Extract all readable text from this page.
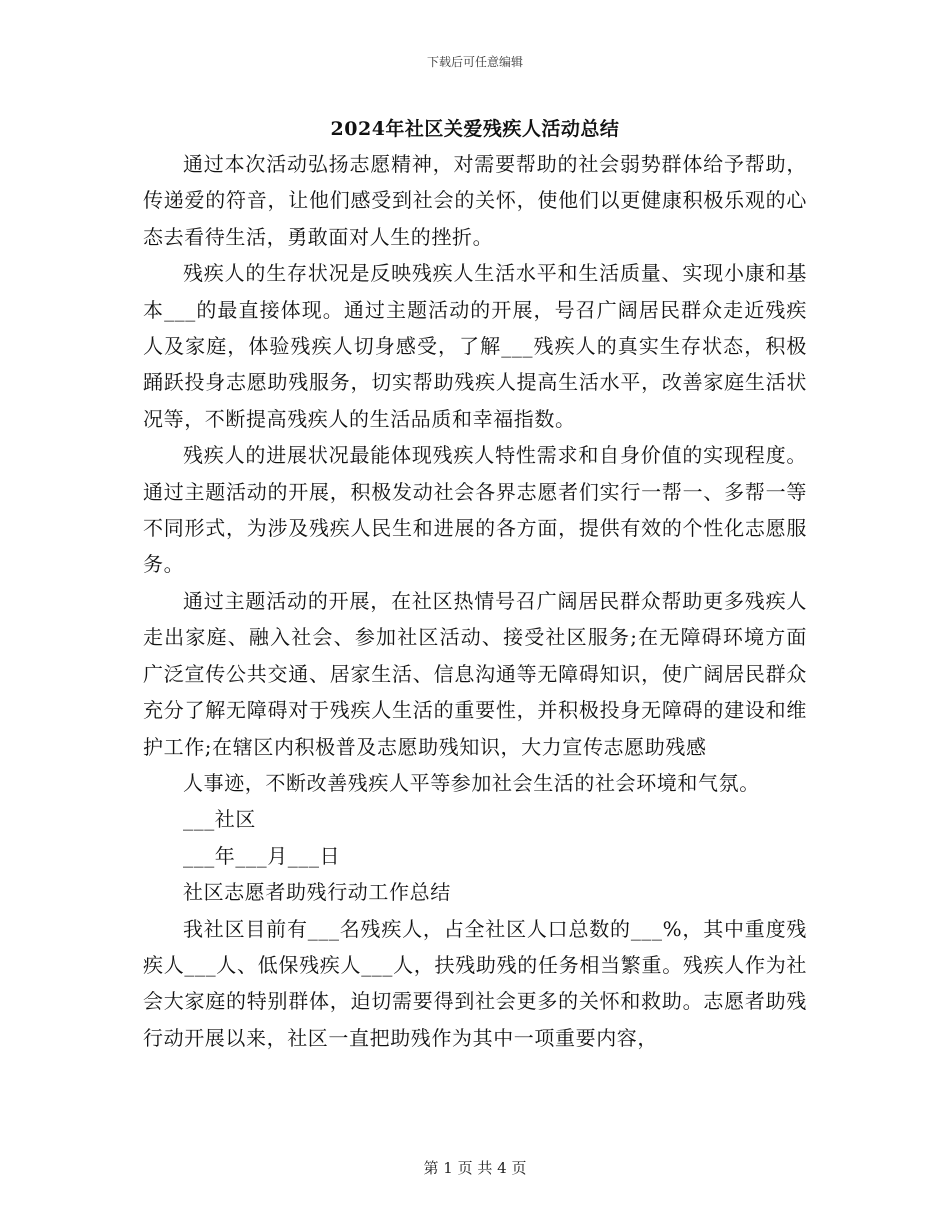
下载后可任意编辑
2024年社区关爱残疾人活动总结

通过本次活动弘扬志愿精神，对需要帮助的社会弱势群体给予帮助，传递爱的符音，让他们感受到社会的关怀，使他们以更健康积极乐观的心态去看待生活，勇敢面对人生的挫折。

残疾人的生存状况是反映残疾人生活水平和生活质量、实现小康和基本___的最直接体现。通过主题活动的开展，号召广阔居民群众走近残疾人及家庭，体验残疾人切身感受，了解___残疾人的真实生存状态，积极踊跃投身志愿助残服务，切实帮助残疾人提高生活水平，改善家庭生活状况等，不断提高残疾人的生活品质和幸福指数。

残疾人的进展状况最能体现残疾人特性需求和自身价值的实现程度。通过主题活动的开展，积极发动社会各界志愿者们实行一帮一、多帮一等不同形式，为涉及残疾人民生和进展的各方面，提供有效的个性化志愿服务。

通过主题活动的开展，在社区热情号召广阔居民群众帮助更多残疾人走出家庭、融入社会、参加社区活动、接受社区服务;在无障碍环境方面广泛宣传公共交通、居家生活、信息沟通等无障碍知识，使广阔居民群众充分了解无障碍对于残疾人生活的重要性，并积极投身无障碍的建设和维护工作;在辖区内积极普及志愿助残知识，大力宣传志愿助残感

人事迹，不断改善残疾人平等参加社会生活的社会环境和气氛。

___社区

___年___月___日

社区志愿者助残行动工作总结

我社区目前有___名残疾人，占全社区人口总数的___%，其中重度残疾人___人、低保残疾人___人，扶残助残的任务相当繁重。残疾人作为社会大家庭的特别群体，迫切需要得到社会更多的关怀和救助。志愿者助残行动开展以来，社区一直把助残作为其中一项重要内容，

第 1 页 共 4 页
